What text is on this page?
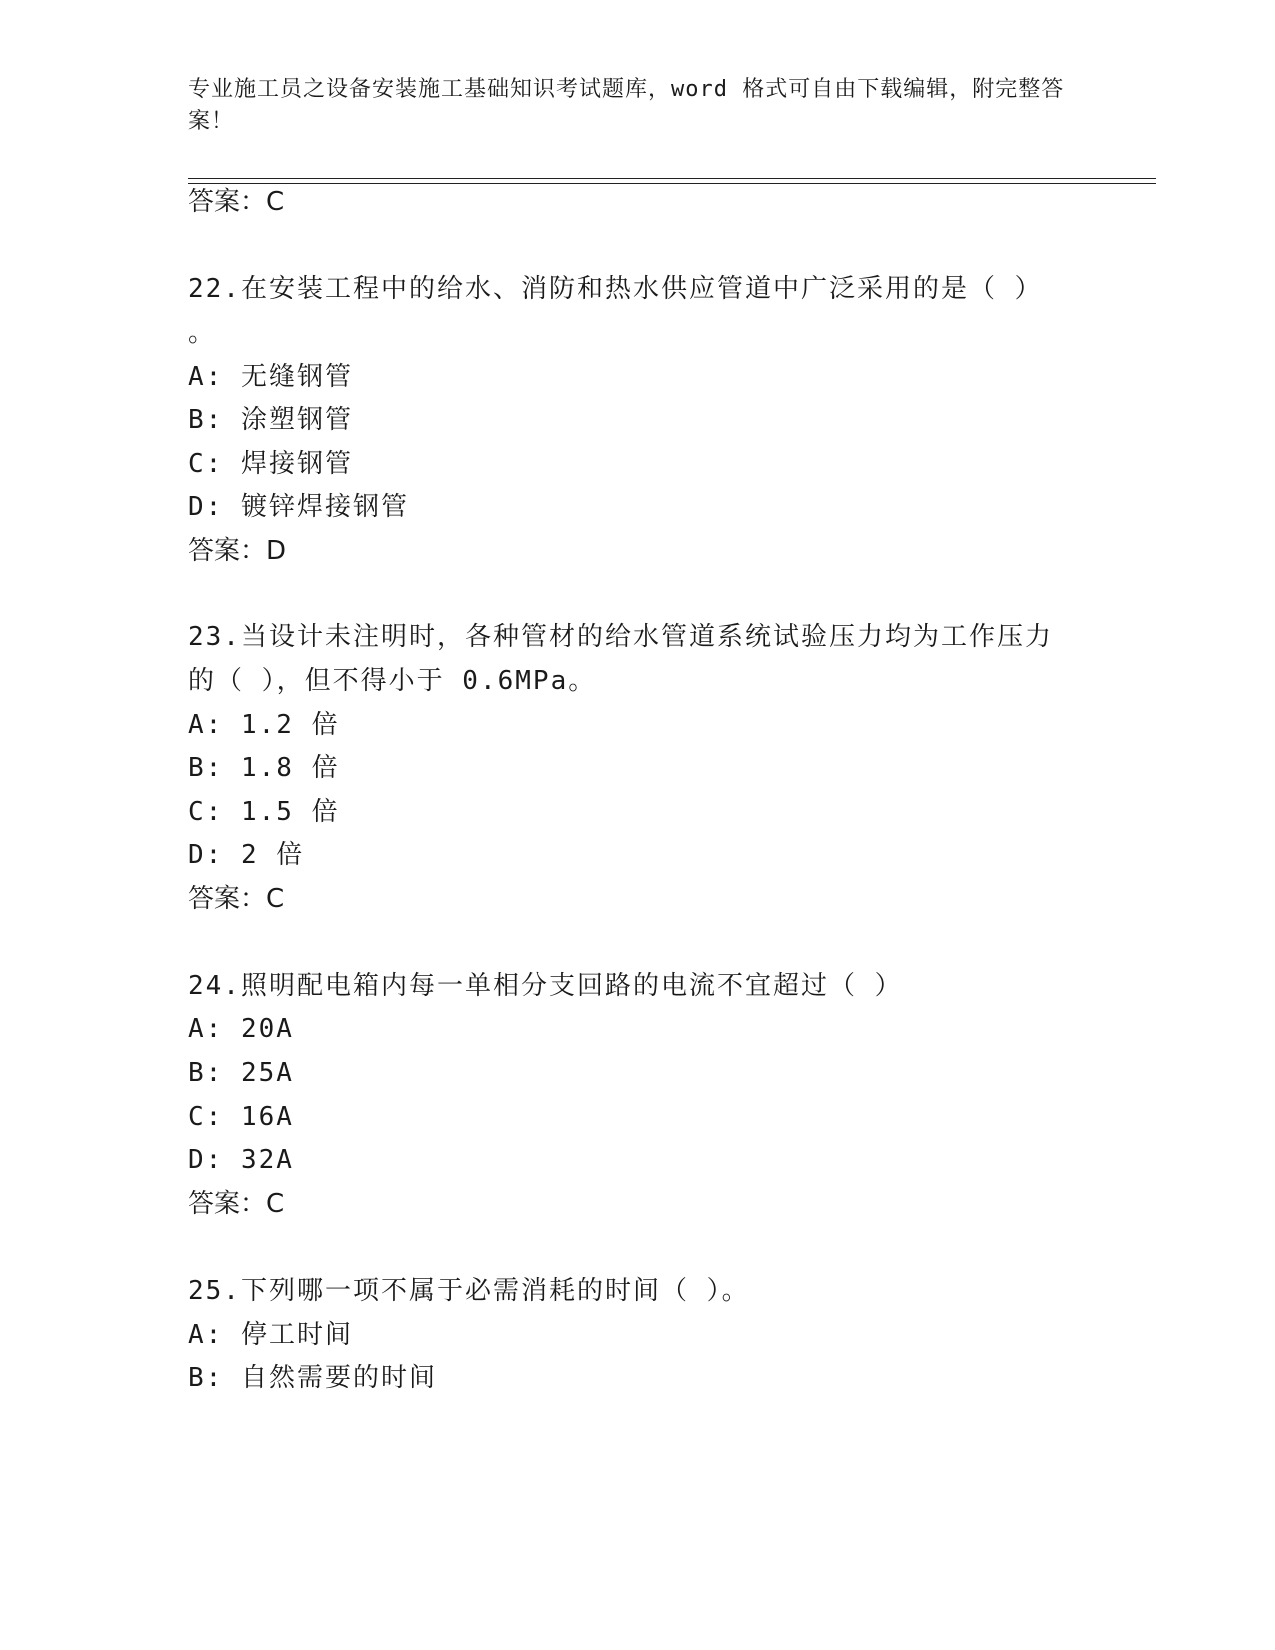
专业施工员之设备安装施工基础知识考试题库，word 格式可自由下载编辑，附完整答案！
答案：C
22.在安装工程中的给水、消防和热水供应管道中广泛采用的是（ ）
。
A: 无缝钢管
B: 涂塑钢管
C: 焊接钢管
D: 镀锌焊接钢管
答案：D
23.当设计未注明时，各种管材的给水管道系统试验压力均为工作压力
的（ ），但不得小于 0.6MPa。
A: 1.2 倍
B: 1.8 倍
C: 1.5 倍
D: 2 倍
答案：C
24.照明配电箱内每一单相分支回路的电流不宜超过（ ）
A: 20A
B: 25A
C: 16A
D: 32A
答案：C
25.下列哪一项不属于必需消耗的时间（ ）。
A: 停工时间
B: 自然需要的时间
